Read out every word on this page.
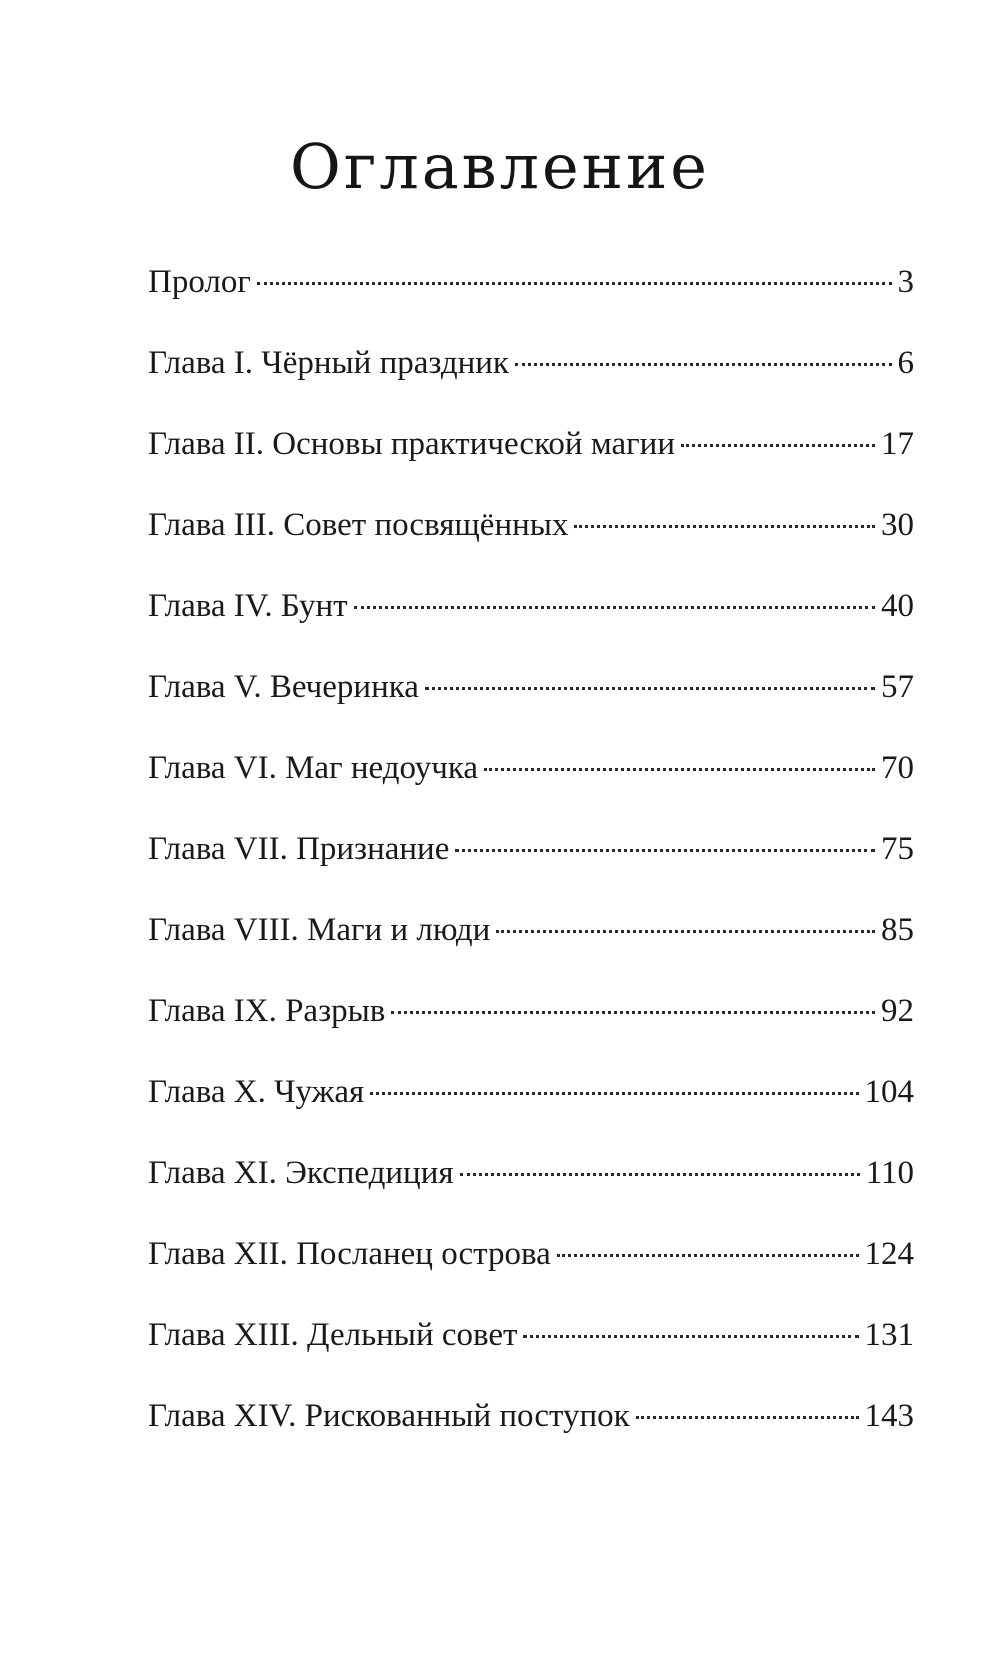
Оглавление
Пролог	3
Глава I. Чёрный праздник	6
Глава II. Основы практической магии	17
Глава III. Совет посвящённых	30
Глава IV. Бунт	40
Глава V. Вечеринка	57
Глава VI. Маг недоучка	70
Глава VII. Признание	75
Глава VIII. Маги и люди	85
Глава IX. Разрыв	92
Глава X. Чужая	104
Глава XI. Экспедиция	110
Глава XII. Посланец острова	124
Глава XIII. Дельный совет	131
Глава XIV. Рискованный поступок	143
